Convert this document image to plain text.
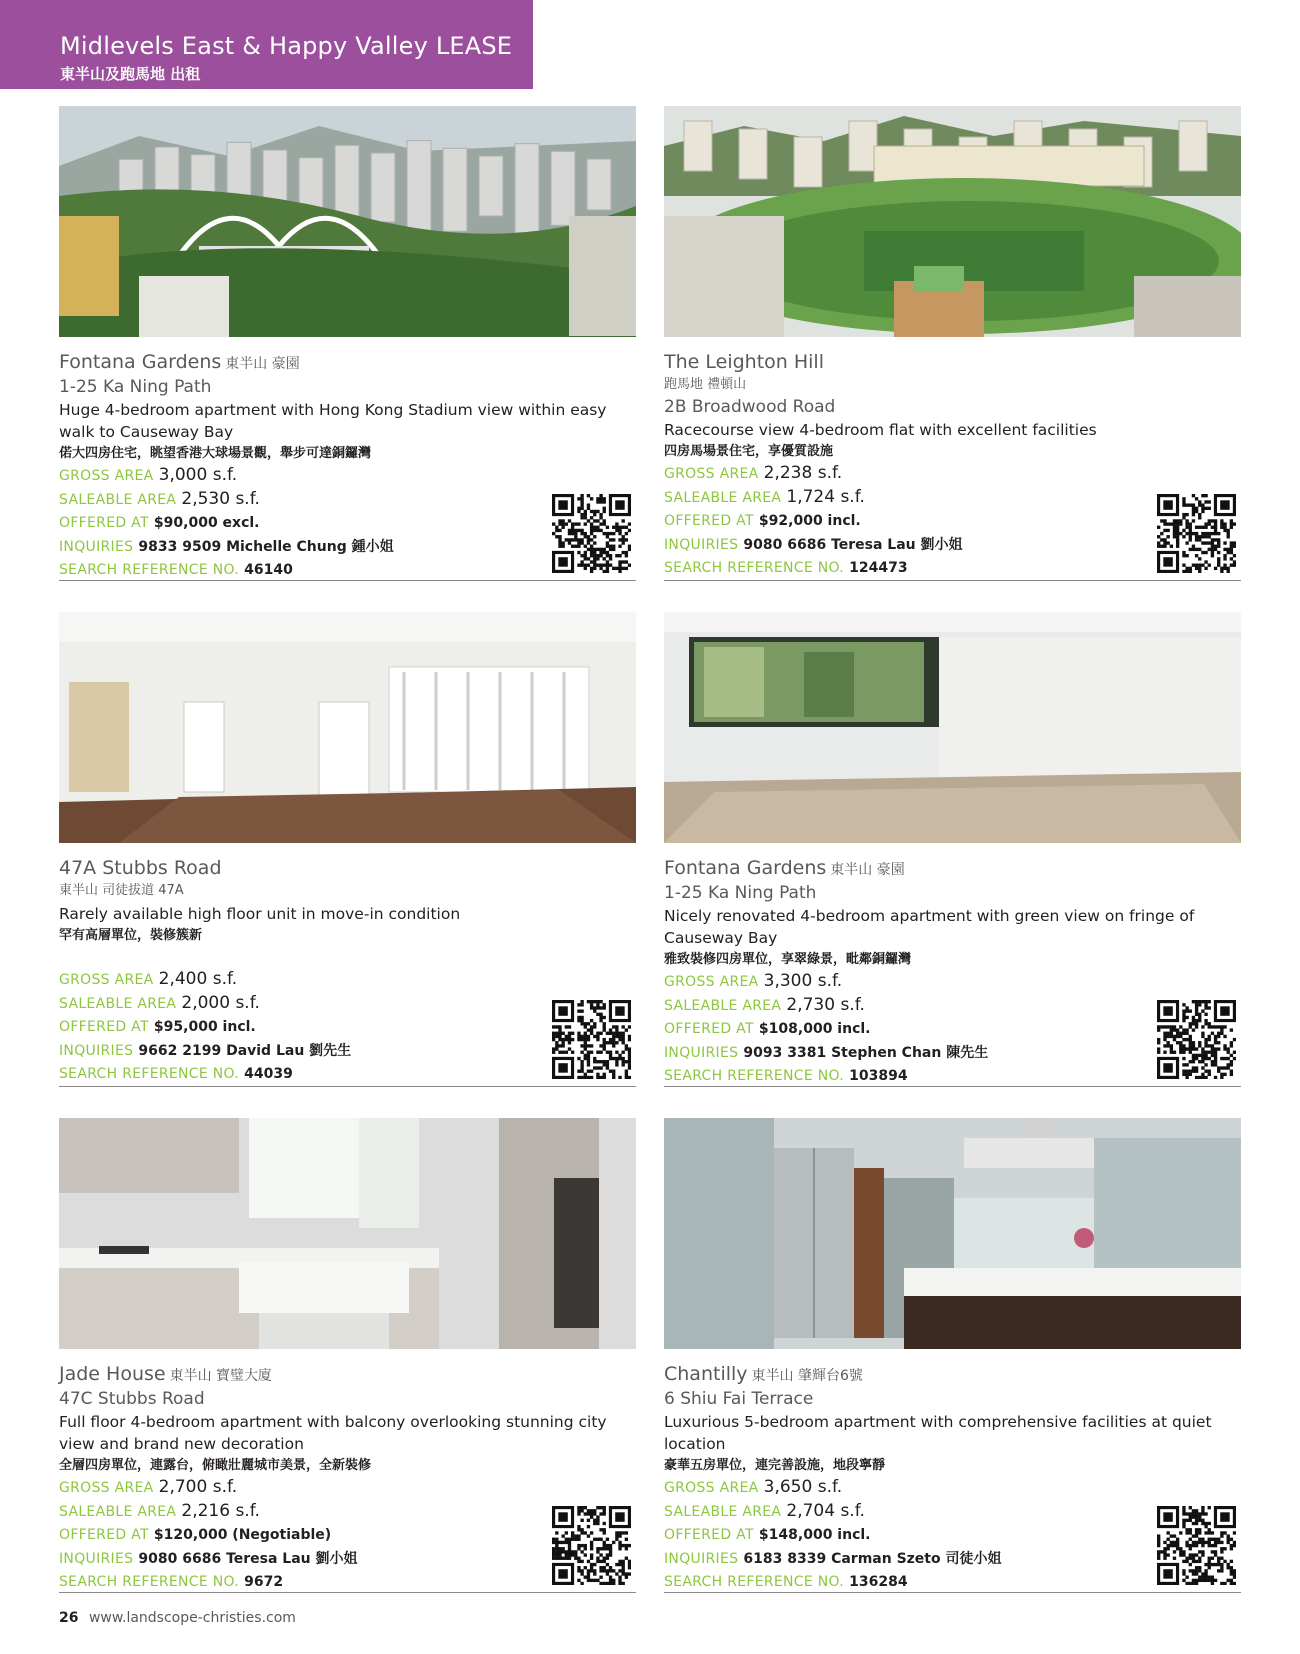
Midlevels East & Happy Valley LEASE
東半山及跑馬地 出租
Fontana Gardens 東半山 豪園
1-25 Ka Ning Path
Huge 4-bedroom apartment with Hong Kong Stadium view within easy walk to Causeway Bay
偌大四房住宅，眺望香港大球場景觀，舉步可達銅鑼灣
GROSS AREA 3,000 s.f.
SALEABLE AREA 2,530 s.f.
OFFERED AT $90,000 excl.
INQUIRIES 9833 9509 Michelle Chung 鍾小姐
SEARCH REFERENCE NO. 46140
The Leighton Hill
跑馬地 禮頓山
2B Broadwood Road
Racecourse view 4-bedroom flat with excellent facilities
四房馬場景住宅，享優質設施
GROSS AREA 2,238 s.f.
SALEABLE AREA 1,724 s.f.
OFFERED AT $92,000 incl.
INQUIRIES 9080 6686 Teresa Lau 劉小姐
SEARCH REFERENCE NO. 124473
47A Stubbs Road
東半山 司徒拔道 47A
Rarely available high floor unit in move-in condition
罕有高層單位，裝修簇新
GROSS AREA 2,400 s.f.
SALEABLE AREA 2,000 s.f.
OFFERED AT $95,000 incl.
INQUIRIES 9662 2199 David Lau 劉先生
SEARCH REFERENCE NO. 44039
Fontana Gardens 東半山 豪園
1-25 Ka Ning Path
Nicely renovated 4-bedroom apartment with green view on fringe of Causeway Bay
雅致裝修四房單位，享翠綠景，毗鄰銅鑼灣
GROSS AREA 3,300 s.f.
SALEABLE AREA 2,730 s.f.
OFFERED AT $108,000 incl.
INQUIRIES 9093 3381 Stephen Chan 陳先生
SEARCH REFERENCE NO. 103894
Jade House 東半山 寶璧大廈
47C Stubbs Road
Full floor 4-bedroom apartment with balcony overlooking stunning city view and brand new decoration
全層四房單位，連露台，俯瞰壯麗城市美景，全新裝修
GROSS AREA 2,700 s.f.
SALEABLE AREA 2,216 s.f.
OFFERED AT $120,000 (Negotiable)
INQUIRIES 9080 6686 Teresa Lau 劉小姐
SEARCH REFERENCE NO. 9672
Chantilly 東半山 肇輝台6號
6 Shiu Fai Terrace
Luxurious 5-bedroom apartment with comprehensive facilities at quiet location
豪華五房單位，連完善設施，地段寧靜
GROSS AREA 3,650 s.f.
SALEABLE AREA 2,704 s.f.
OFFERED AT $148,000 incl.
INQUIRIES 6183 8339 Carman Szeto 司徒小姐
SEARCH REFERENCE NO. 136284
26 www.landscope-christies.com
